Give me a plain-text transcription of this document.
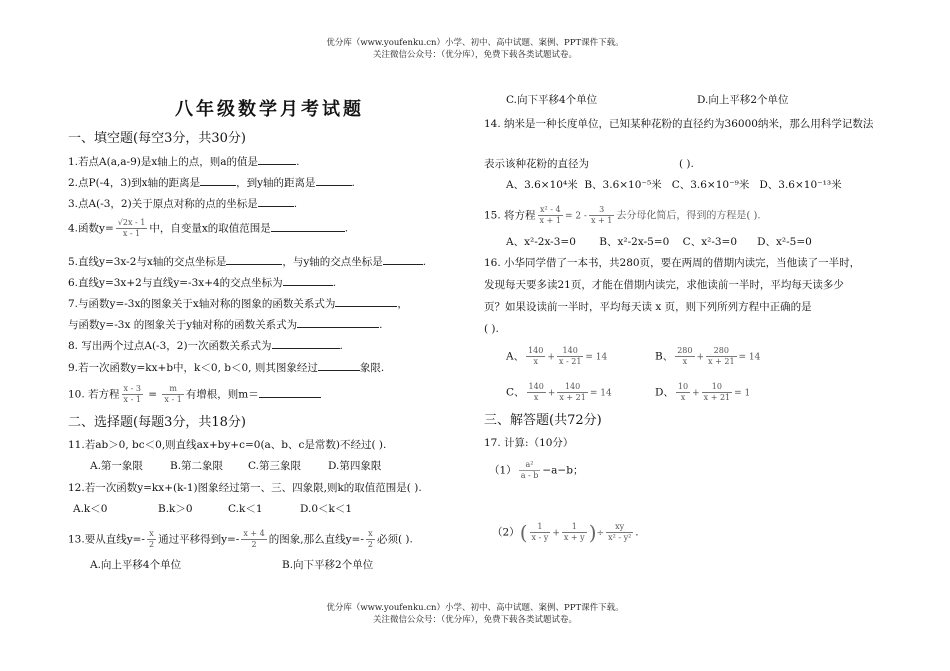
优分库（www.youfenku.cn）小学、初中、高中试题、案例、PPT课件下载。
关注微信公众号：（优分库），免费下载各类试题试卷。
八年级数学月考试题
一、填空题(每空3分，共30分)
1.若点A(a,a-9)是x轴上的点，则a的值是	.
2.点P(-4，3)到x轴的距离是	，到y轴的距离是	.
3.点A(-3，2)关于原点对称的点的坐标是	.
4.函数$y= \frac{√2x - 1}{x - 1}$ 中，自变量x的取值范围是	.
5.直线y=3x-2与x轴的交点坐标是	，与y轴的交点坐标是	.
6.直线y=3x+2与直线y=-3x+4的交点坐标为	.
7.与函数y=-3x的图象关于x轴对称的图象的函数关系式为	，
与函数y=-3x 的图象关于y轴对称的函数关系式为	.
8. 写出两个过点A(-3，2)一次函数关系式为	.
9.若一次函数y=kx+b中，k＜0, b＜0, 则其图象经过	象限.
10. 若方程 $\frac{x - 3}{x - 1} = \frac{m}{x - 1}$ 有增根，则m＝
二、选择题(每题3分，共18分)
11.若ab＞0, bc＜0,则直线ax+by+c=0(a、b、c是常数)不经过( ).
A.第一象限	B.第二象限 C.第三象限	D.第四象限
12.若一次函数y=kx+(k-1)图象经过第一、三、四象限,则k的取值范围是( ).
A.k＜0	B.k＞0	C.k＜1	D.0＜k＜1
13.要从直线$y=- \frac{x}{2}$ 通过平移得到$y=- \frac{x + 4}{2}$ 的图象,那么直线$y=- \frac{x}{2}$ 必须( ).
A.向上平移4个单位	B.向下平移2个单位
C.向下平移4个单位	D.向上平移2个单位
14. 纳米是一种长度单位，已知某种花粉的直径约为36000纳米，那么用科学记数法
表示该种花粉的直径为	( ).
A、3.6×10⁴米 B、3.6×10⁻⁵米 C、3.6×10⁻⁹米 D、3.6×10⁻¹³米
15. 将方程 $\frac{\text{x² - 4}}{x + 1} = 2 - \frac{3}{x + 1}$ 去分母化简后，得到的方程是( ).
A、x²-2x-3=0 B、x²-2x-5=0 C、x²-3=0 D、x²-5=0
16. 小华同学借了一本书，共280页，要在两周的借期内读完，当他读了一半时，
发现每天要多读21页，才能在借期内读完，求他读前一半时，平均每天读多少
页？如果设读前一半时，平均每天读 x 页，则下列所列方程中正确的是
( ).
A、 $\frac{140}{x} + \frac{140}{x - 21} = 14$	B、 $\frac{280}{x} + \frac{280}{x + 21} = 14$
C、 $\frac{140}{x} + \frac{140}{x + 21} = 14$	D、 $\frac{10}{x} + \frac{10}{x + 21} = 1$
三、解答题(共72分)
17. 计算:（10分）
$(1) \frac{\text{a²}}{a - b} -a-b$；
$(2)( \frac{1}{x - y} + \frac{1}{x + y}$ )÷ $\frac{xy}{\text{x² - y²}}$ .
优分库（www.youfenku.cn）小学、初中、高中试题、案例、PPT课件下载。
关注微信公众号：（优分库），免费下载各类试题试卷。
